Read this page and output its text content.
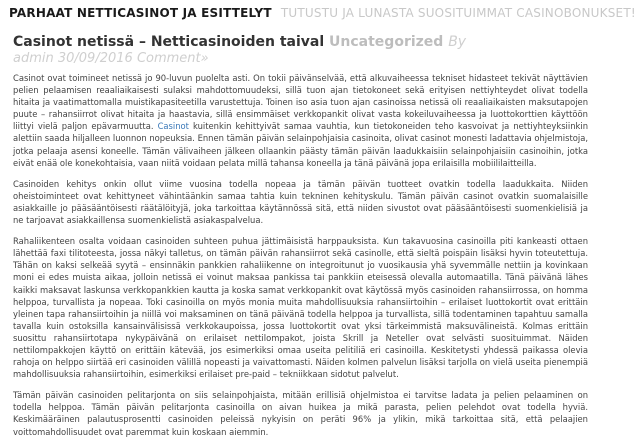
PARHAAT NETTICASINOT JA ESITTELYT TUTUSTU JA LUNASTA SUOSITUIMMAT CASINOBONUKSET!
Casinot netissä – Netticasinoiden taival Uncategorized By
admin 30/09/2016 Comment»

Casinot ovat toimineet netissä jo 90-luvun puolelta asti. On tokii päivänselvää, että alkuvaiheessa tekniset hidasteet tekivät näyttävien pelien pelaamisen reaaliaikaisesti sulaksi mahdottomuudeksi, sillä tuon ajan tietokoneet sekä erityisen nettiyhteydet olivat todella hitaita ja vaatimattomalla muistikapasiteetilla varustettuja. Toinen iso asia tuon ajan casinoissa netissä oli reaaliaikaisten maksutapojen puute – rahansiirrot olivat hitaita ja haastavia, sillä ensimmäiset verkkopankit olivat vasta kokeiluvaiheessa ja luottokorttien käyttöön liittyi vielä paljon epävarmuutta. Casinot kuitenkin kehittyivät samaa vauhtia, kun tietokoneiden teho kasvoivat ja nettiyhteyksiinkin alettiin saada hiljalleen luonnon nopeuksia. Ennen tämän päivän selainpohjaisia casinoita, olivat casinot monesti ladattavia ohjelmistoja, jotka pelaaja asensi koneelle. Tämän välivaiheen jälkeen ollaankin päästy tämän päivän laadukkaisiin selainpohjaisiin casinoihin, jotka eivät enää ole konekohtaisia, vaan niitä voidaan pelata millä tahansa koneella ja tänä päivänä jopa erilaisilla mobiililaitteilla.

Casinoiden kehitys onkin ollut viime vuosina todella nopeaa ja tämän päivän tuotteet ovatkin todella laadukkaita. Niiden oheistoiminteet ovat kehittyneet vähintäänkin samaa tahtia kuin tekninen kehityskulu. Tämän päivän casinot ovatkin suomalaisille asiakkaille jo pääsääntöisesti räätälöityjä, joka tarkoittaa käytännössä sitä, että niiden sivustot ovat pääsääntöisesti suomenkielisiä ja ne tarjoavat asiakkaillensa suomenkielistä asiakaspalvelua.

Rahaliikenteen osalta voidaan casinoiden suhteen puhua jättimäisistä harppauksista. Kun takavuosina casinoilla piti kankeasti ottaen lähettää faxi tilitoteesta, jossa näkyi talletus, on tämän päivän rahansiirrot sekä casinolle, että sieltä poispäin lisäksi hyvin toteutettuja. Tähän on kaksi selkeää syytä – ensinnäkin pankkien rahaliikenne on integroitunut jo vuosikausia yhä syvemmälle nettiin ja kovinkaan moni ei edes muista aikaa, jolloin netissä ei voinut maksaa pankissa tai pankkiin eteisessä olevalla automaatilla. Tänä päivänä lähes kaikki maksavat laskunsa verkkopankkien kautta ja koska samat verkkopankit ovat käytössä myös casinoiden rahansiirrossa, on homma helppoa, turvallista ja nopeaa. Toki casinoilla on myös monia muita mahdollisuuksia rahansiirtoihin – erilaiset luottokortit ovat erittäin yleinen tapa rahansiirtoihin ja niillä voi maksaminen on tänä päivänä todella helppoa ja turvallista, sillä todentaminen tapahtuu samalla tavalla kuin ostoksilla kansainvälisissä verkkokaupoissa, jossa luottokortit ovat yksi tärkeimmistä maksuvälineistä. Kolmas erittäin suosittu rahansiirtotapa nykypäivänä on erilaiset nettilompakot, joista Skrill ja Neteller ovat selvästi suosituimmat. Näiden nettilompakkojen käyttö on erittäin kätevää, jos esimerkiksi omaa useita pelitiliä eri casinoilla. Keskitetysti yhdessä paikassa olevia rahoja on helppo siirtää eri casinoiden välillä nopeasti ja vaivattomasti. Näiden kolmen palvelun lisäksi tarjolla on vielä useita pienempiä mahdollisuuksia rahansiirtoihin, esimerkiksi erilaiset pre-paid – tekniikkaan sidotut palvelut.

Tämän päivän casinoiden pelitarjonta on siis selainpohjaista, mitään erillisiä ohjelmistoa ei tarvitse ladata ja pelien pelaaminen on todella helppoa. Tämän päivän pelitarjonta casinoilla on aivan huikea ja mikä parasta, pelien pelehdot ovat todella hyviä. Keskimääräinen palautusprosentti casinoiden peleissä nykyisin on peräti 96% ja ylikin, mikä tarkoittaa sitä, että pelaajien voittomahdollisuudet ovat paremmat kuin koskaan aiemmin.
